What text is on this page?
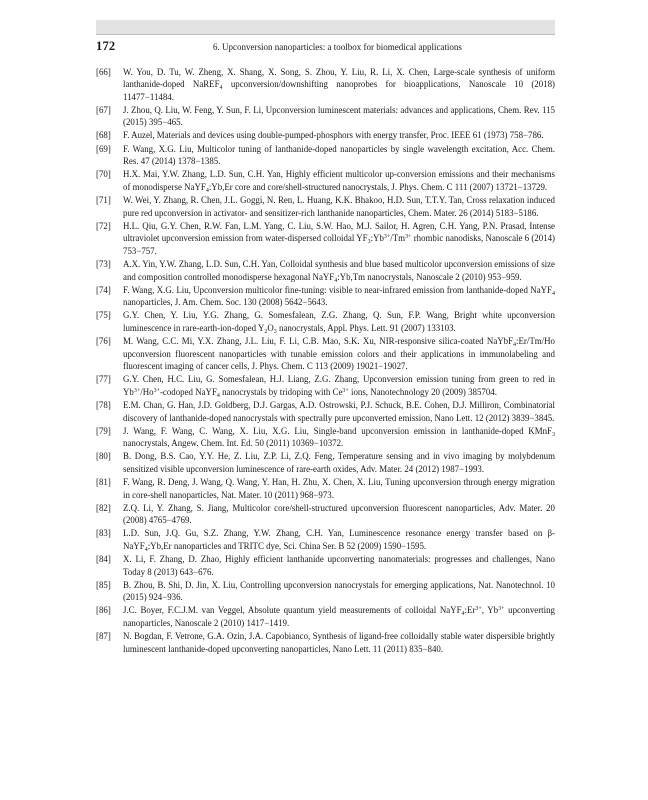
172	6. Upconversion nanoparticles: a toolbox for biomedical applications
[66]	W. You, D. Tu, W. Zheng, X. Shang, X. Song, S. Zhou, Y. Liu, R. Li, X. Chen, Large-scale synthesis of uniform lanthanide-doped NaREF$_4$ upconversion/downshifting nanoprobes for bioapplications, Nanoscale 10 (2018) 11477−11484.
[67]	J. Zhou, Q. Liu, W. Feng, Y. Sun, F. Li, Upconversion luminescent materials: advances and applications, Chem. Rev. 115 (2015) 395−465.
[68]	F. Auzel, Materials and devices using double-pumped-phosphors with energy transfer, Proc. IEEE 61 (1973) 758−786.
[69]	F. Wang, X.G. Liu, Multicolor tuning of lanthanide-doped nanoparticles by single wavelength excitation, Acc. Chem. Res. 47 (2014) 1378−1385.
[70]	H.X. Mai, Y.W. Zhang, L.D. Sun, C.H. Yan, Highly efficient multicolor up-conversion emissions and their mechanisms of monodisperse NaYF$_4$:Yb,Er core and core/shell-structured nanocrystals, J. Phys. Chem. C 111 (2007) 13721−13729.
[71]	W. Wei, Y. Zhang, R. Chen, J.L. Goggi, N. Ren, L. Huang, K.K. Bhakoo, H.D. Sun, T.T.Y. Tan, Cross relaxation induced pure red upconversion in activator- and sensitizer-rich lanthanide nanoparticles, Chem. Mater. 26 (2014) 5183−5186.
[72]	H.L. Qiu, G.Y. Chen, R.W. Fan, L.M. Yang, C. Liu, S.W. Hao, M.J. Sailor, H. Agren, C.H. Yang, P.N. Prasad, Intense ultraviolet upconversion emission from water-dispersed colloidal $YF_3:Yb^{3+}/Tm^{3+}$ rhombic nanodisks, Nanoscale 6 (2014) 753−757.
[73]	A.X. Yin, Y.W. Zhang, L.D. Sun, C.H. Yan, Colloidal synthesis and blue based multicolor upconversion emissions of size and composition controlled monodisperse hexagonal NaYF$_4$:Yb,Tm nanocrystals, Nanoscale 2 (2010) 953−959.
[74]	F. Wang, X.G. Liu, Upconversion multicolor fine-tuning: visible to near-infrared emission from lanthanide-doped NaYF$_4$ nanoparticles, J. Am. Chem. Soc. 130 (2008) 5642−5643.
[75]	G.Y. Chen, Y. Liu, Y.G. Zhang, G. Somesfalean, Z.G. Zhang, Q. Sun, F.P. Wang, Bright white upconversion luminescence in rare-earth-ion-doped $Y_2O_3$ nanocrystals, Appl. Phys. Lett. 91 (2007) 133103.
[76]	M. Wang, C.C. Mi, Y.X. Zhang, J.L. Liu, F. Li, C.B. Mao, S.K. Xu, NIR-responsive silica-coated NaYbF$_4$:Er/Tm/Ho upconversion fluorescent nanoparticles with tunable emission colors and their applications in immunolabeling and fluorescent imaging of cancer cells, J. Phys. Chem. C 113 (2009) 19021−19027.
[77]	G.Y. Chen, H.C. Liu, G. Somesfalean, H.J. Liang, Z.G. Zhang, Upconversion emission tuning from green to red in $Yb^{3+}/Ho^{3+}$-codoped NaYF$_4$ nanocrystals by tridoping with $Ce^{3+}$ ions, Nanotechnology 20 (2009) 385704.
[78]	E.M. Chan, G. Han, J.D. Goldberg, D.J. Gargas, A.D. Ostrowski, P.J. Schuck, B.E. Cohen, D.J. Milliron, Combinatorial discovery of lanthanide-doped nanocrystals with spectrally pure upconverted emission, Nano Lett. 12 (2012) 3839−3845.
[79]	J. Wang, F. Wang, C. Wang, X. Liu, X.G. Liu, Single-band upconversion emission in lanthanide-doped KMnF$_3$ nanocrystals, Angew. Chem. Int. Ed. 50 (2011) 10369−10372.
[80]	B. Dong, B.S. Cao, Y.Y. He, Z. Liu, Z.P. Li, Z.Q. Feng, Temperature sensing and in vivo imaging by molybdenum sensitized visible upconversion luminescence of rare-earth oxides, Adv. Mater. 24 (2012) 1987−1993.
[81]	F. Wang, R. Deng, J. Wang, Q. Wang, Y. Han, H. Zhu, X. Chen, X. Liu, Tuning upconversion through energy migration in core-shell nanoparticles, Nat. Mater. 10 (2011) 968−973.
[82]	Z.Q. Li, Y. Zhang, S. Jiang, Multicolor core/shell-structured upconversion fluorescent nanoparticles, Adv. Mater. 20 (2008) 4765−4769.
[83]	L.D. Sun, J.Q. Gu, S.Z. Zhang, Y.W. Zhang, C.H. Yan, Luminescence resonance energy transfer based on β-NaYF$_4$:Yb,Er nanoparticles and TRITC dye, Sci. China Ser. B 52 (2009) 1590−1595.
[84]	X. Li, F. Zhang, D. Zhao, Highly efficient lanthanide upconverting nanomaterials: progresses and challenges, Nano Today 8 (2013) 643−676.
[85]	B. Zhou, B. Shi, D. Jin, X. Liu, Controlling upconversion nanocrystals for emerging applications, Nat. Nanotechnol. 10 (2015) 924−936.
[86]	J.C. Boyer, F.C.J.M. van Veggel, Absolute quantum yield measurements of colloidal $NaYF_4:Er^{3+}$, $Yb^{3+}$ upconverting nanoparticles, Nanoscale 2 (2010) 1417−1419.
[87]	N. Bogdan, F. Vetrone, G.A. Ozin, J.A. Capobianco, Synthesis of ligand-free colloidally stable water dispersible brightly luminescent lanthanide-doped upconverting nanoparticles, Nano Lett. 11 (2011) 835−840.
